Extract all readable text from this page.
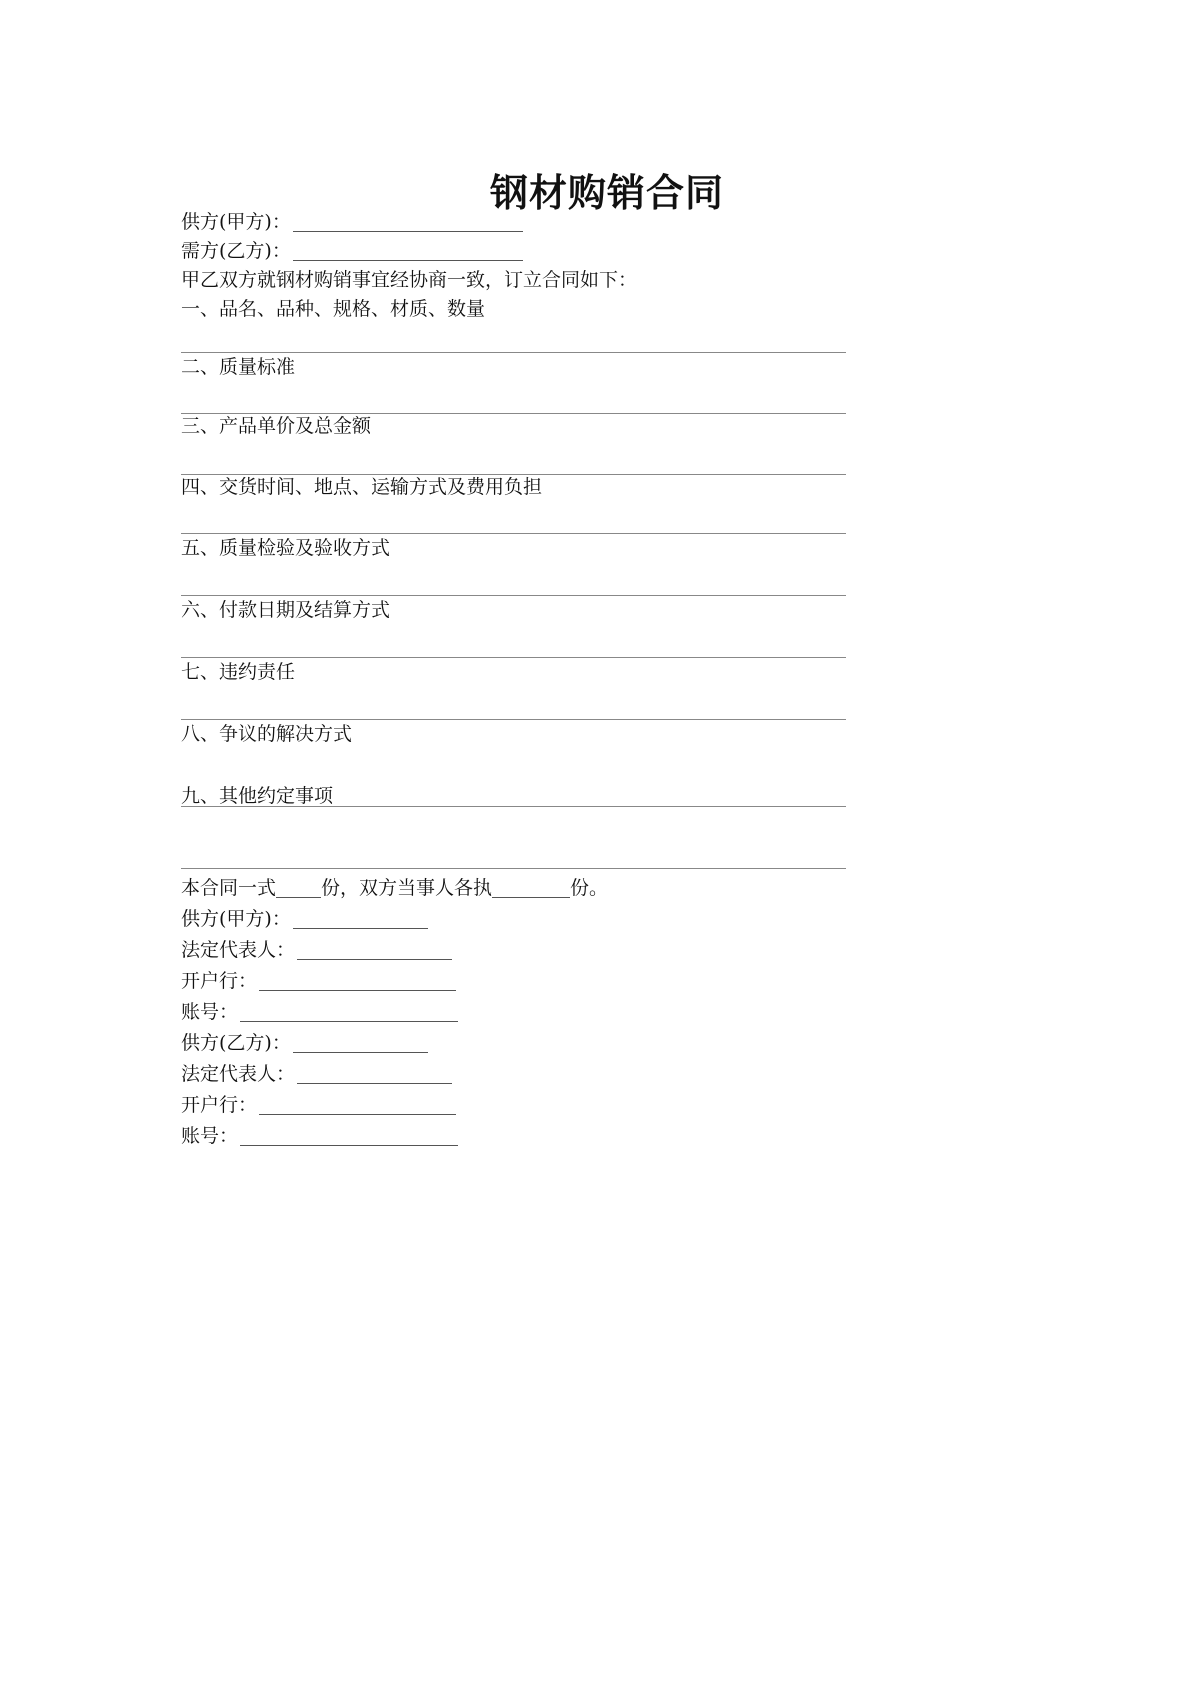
钢材购销合同
供方(甲方)：
需方(乙方)：
甲乙双方就钢材购销事宜经协商一致，订立合同如下：
一、品名、品种、规格、材质、数量
二、质量标准
三、产品单价及总金额
四、交货时间、地点、运输方式及费用负担
五、质量检验及验收方式
六、付款日期及结算方式
七、违约责任
八、争议的解决方式
九、其他约定事项
本合同一式 份，双方当事人各执	份。
供方(甲方)：
法定代表人：
开户行：
账号：
供方(乙方)：
法定代表人：
开户行：
账号：
